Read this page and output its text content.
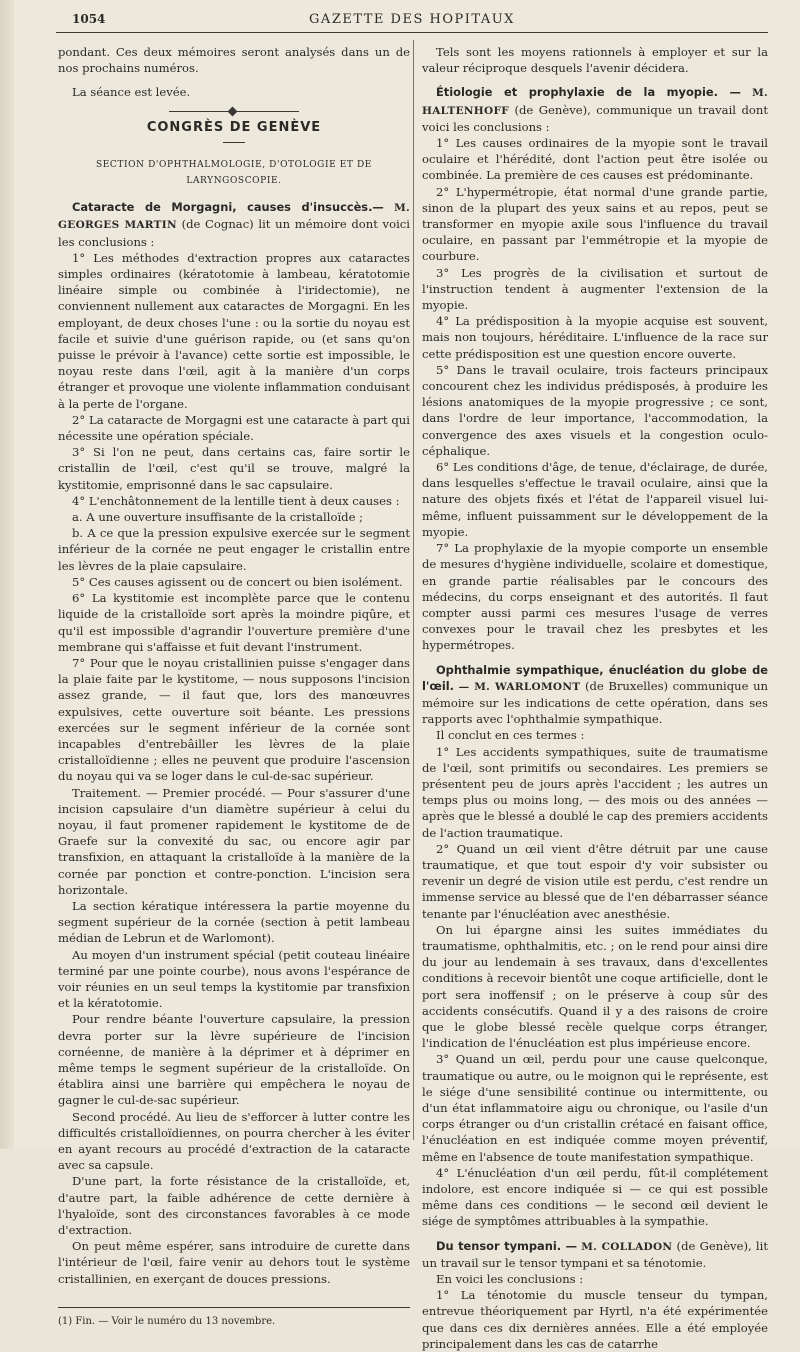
1054	GAZETTE DES HOPITAUX

pondant. Ces deux mémoires seront analysés dans un de nos prochains numéros.

La séance est levée.

CONGRÈS DE GENÈVE
SECTION D'OPHTHALMOLOGIE, D'OTOLOGIE ET DE LARYNGOSCOPIE.

Cataracte de Morgagni, causes d'insuccès.— M. GEORGES MARTIN (de Cognac) lit un mémoire dont voici les conclusions :

1° Les méthodes d'extraction propres aux cataractes simples ordinaires (kératotomie à lambeau, kératotomie linéaire simple ou combinée à l'iridectomie), ne conviennent nullement aux cataractes de Morgagni. En les employant, de deux choses l'une : ou la sortie du noyau est facile et suivie d'une guérison rapide, ou (et sans qu'on puisse le prévoir à l'avance) cette sortie est impossible, le noyau reste dans l'œil, agit à la manière d'un corps étranger et provoque une violente inflammation conduisant à la perte de l'organe.

2° La cataracte de Morgagni est une cataracte à part qui nécessite une opération spéciale.

3° Si l'on ne peut, dans certains cas, faire sortir le cristallin de l'œil, c'est qu'il se trouve, malgré la kystitomie, emprisonné dans le sac capsulaire.

4° L'enchâtonnement de la lentille tient à deux causes :

a. A une ouverture insuffisante de la cristalloïde ;

b. A ce que la pression expulsive exercée sur le segment inférieur de la cornée ne peut engager le cristallin entre les lèvres de la plaie capsulaire.

5° Ces causes agissent ou de concert ou bien isolément.

6° La kystitomie est incomplète parce que le contenu liquide de la cristalloïde sort après la moindre piqûre, et qu'il est impossible d'agrandir l'ouverture première d'une membrane qui s'affaisse et fuit devant l'instrument.

7° Pour que le noyau cristallinien puisse s'engager dans la plaie faite par le kystitome, — nous supposons l'incision assez grande, — il faut que, lors des manœuvres expulsives, cette ouverture soit béante. Les pressions exercées sur le segment inférieur de la cornée sont incapables d'entrebâiller les lèvres de la plaie cristalloïdienne ; elles ne peuvent que produire l'ascension du noyau qui va se loger dans le cul-de-sac supérieur.

Traitement. — Premier procédé. — Pour s'assurer d'une incision capsulaire d'un diamètre supérieur à celui du noyau, il faut promener rapidement le kystitome de de Graefe sur la convexité du sac, ou encore agir par transfixion, en attaquant la cristalloïde à la manière de la cornée par ponction et contre-ponction. L'incision sera horizontale.

La section kératique intéressera la partie moyenne du segment supérieur de la cornée (section à petit lambeau médian de Lebrun et de Warlomont).

Au moyen d'un instrument spécial (petit couteau linéaire terminé par une pointe courbe), nous avons l'espérance de voir réunies en un seul temps la kystitomie par transfixion et la kératotomie.

Pour rendre béante l'ouverture capsulaire, la pression devra porter sur la lèvre supérieure de l'incision cornéenne, de manière à la déprimer et à déprimer en même temps le segment supérieur de la cristalloïde. On établira ainsi une barrière qui empêchera le noyau de gagner le cul-de-sac supérieur.

Second procédé. Au lieu de s'efforcer à lutter contre les difficultés cristalloïdiennes, on pourra chercher à les éviter en ayant recours au procédé d'extraction de la cataracte avec sa capsule.

D'une part, la forte résistance de la cristalloïde, et, d'autre part, la faible adhérence de cette dernière à l'hyaloïde, sont des circonstances favorables à ce mode d'extraction.

On peut même espérer, sans introduire de curette dans l'intérieur de l'œil, faire venir au dehors tout le système cristallinien, en exerçant de douces pressions.

(1) Fin. — Voir le numéro du 13 novembre.

Tels sont les moyens rationnels à employer et sur la valeur réciproque desquels l'avenir décidera.

Étiologie et prophylaxie de la myopie. — M. HALTENHOFF (de Genève), communique un travail dont voici les conclusions :

1° Les causes ordinaires de la myopie sont le travail oculaire et l'hérédité, dont l'action peut être isolée ou combinée. La première de ces causes est prédominante.

2° L'hypermétropie, état normal d'une grande partie, sinon de la plupart des yeux sains et au repos, peut se transformer en myopie axile sous l'influence du travail oculaire, en passant par l'emmétropie et la myopie de courbure.

3° Les progrès de la civilisation et surtout de l'instruction tendent à augmenter l'extension de la myopie.

4° La prédisposition à la myopie acquise est souvent, mais non toujours, héréditaire. L'influence de la race sur cette prédisposition est une question encore ouverte.

5° Dans le travail oculaire, trois facteurs principaux concourent chez les individus prédisposés, à produire les lésions anatomiques de la myopie progressive ; ce sont, dans l'ordre de leur importance, l'accommodation, la convergence des axes visuels et la congestion oculo-céphalique.

6° Les conditions d'âge, de tenue, d'éclairage, de durée, dans lesquelles s'effectue le travail oculaire, ainsi que la nature des objets fixés et l'état de l'appareil visuel lui-même, influent puissamment sur le développement de la myopie.

7° La prophylaxie de la myopie comporte un ensemble de mesures d'hygiène individuelle, scolaire et domestique, en grande partie réalisables par le concours des médecins, du corps enseignant et des autorités. Il faut compter aussi parmi ces mesures l'usage de verres convexes pour le travail chez les presbytes et les hypermétropes.

Ophthalmie sympathique, énucléation du globe de l'œil. — M. WARLOMONT (de Bruxelles) communique un mémoire sur les indications de cette opération, dans ses rapports avec l'ophthalmie sympathique.

Il conclut en ces termes :

1° Les accidents sympathiques, suite de traumatisme de l'œil, sont primitifs ou secondaires. Les premiers se présentent peu de jours après l'accident ; les autres un temps plus ou moins long, — des mois ou des années — après que le blessé a doublé le cap des premiers accidents de l'action traumatique.

2° Quand un œil vient d'être détruit par une cause traumatique, et que tout espoir d'y voir subsister ou revenir un degré de vision utile est perdu, c'est rendre un immense service au blessé que de l'en débarrasser séance tenante par l'énucléation avec anesthésie.

On lui épargne ainsi les suites immédiates du traumatisme, ophthalmitis, etc. ; on le rend pour ainsi dire du jour au lendemain à ses travaux, dans d'excellentes conditions à recevoir bientôt une coque artificielle, dont le port sera inoffensif ; on le préserve à coup sûr des accidents consécutifs. Quand il y a des raisons de croire que le globe blessé recèle quelque corps étranger, l'indication de l'énucléation est plus impérieuse encore.

3° Quand un œil, perdu pour une cause quelconque, traumatique ou autre, ou le moignon qui le représente, est le siége d'une sensibilité continue ou intermittente, ou d'un état inflammatoire aigu ou chronique, ou l'asile d'un corps étranger ou d'un cristallin crétacé en faisant office, l'énucléation en est indiquée comme moyen préventif, même en l'absence de toute manifestation sympathique.

4° L'énucléation d'un œil perdu, fût-il complétement indolore, est encore indiquée si — ce qui est possible même dans ces conditions — le second œil devient le siége de symptômes attribuables à la sympathie.

Du tensor tympani. — M. COLLADON (de Genève), lit un travail sur le tensor tympani et sa ténotomie.

En voici les conclusions :

1° La ténotomie du muscle tenseur du tympan, entrevue théoriquement par Hyrtl, n'a été expérimentée que dans ces dix dernières années. Elle a été employée principalement dans les cas de catarrhe
